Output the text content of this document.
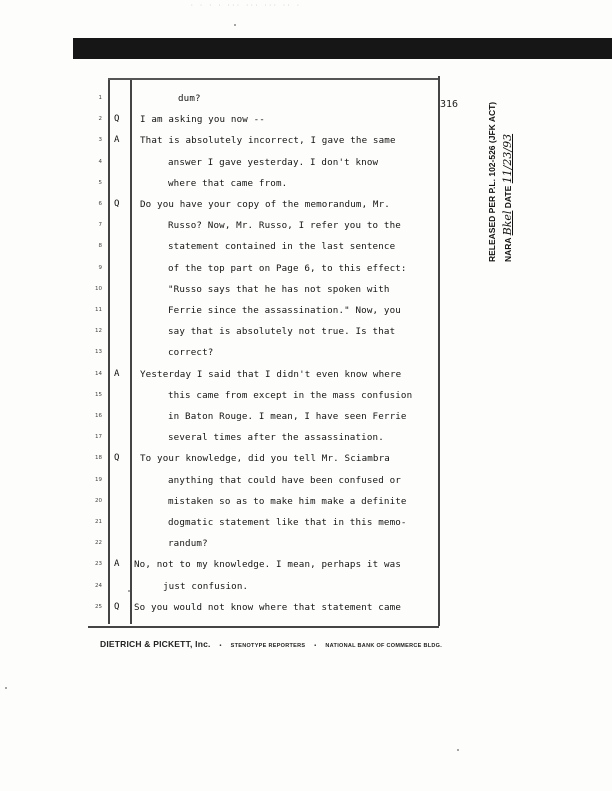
· · · · ··· ··· ··· ·· ·
316
1	dum?
2 Q I am asking you now --
3 A That is absolutely incorrect, I gave the same
4	answer I gave yesterday. I don't know
5	where that came from.
6 Q Do you have your copy of the memorandum, Mr.
7	Russo? Now, Mr. Russo, I refer you to the
8	statement contained in the last sentence
9	of the top part on Page 6, to this effect:
10	"Russo says that he has not spoken with
11	Ferrie since the assassination." Now, you
12	say that is absolutely not true. Is that
13	correct?
14 A Yesterday I said that I didn't even know where
15	this came from except in the mass confusion
16	in Baton Rouge. I mean, I have seen Ferrie
17	several times after the assassination.
18 Q To your knowledge, did you tell Mr. Sciambra
19	anything that could have been confused or
20	mistaken so as to make him make a definite
21	dogmatic statement like that in this memo-
22	randum?
23 A No, not to my knowledge. I mean, perhaps it was
24	just confusion.
25 Q So you would not know where that statement came
DIETRICH & PICKETT, Inc. • STENOTYPE REPORTERS • NATIONAL BANK OF COMMERCE BLDG.
RELEASED PER P.L. 102-526 (JFK ACT) NARA Bkel DATE 11/23/93
